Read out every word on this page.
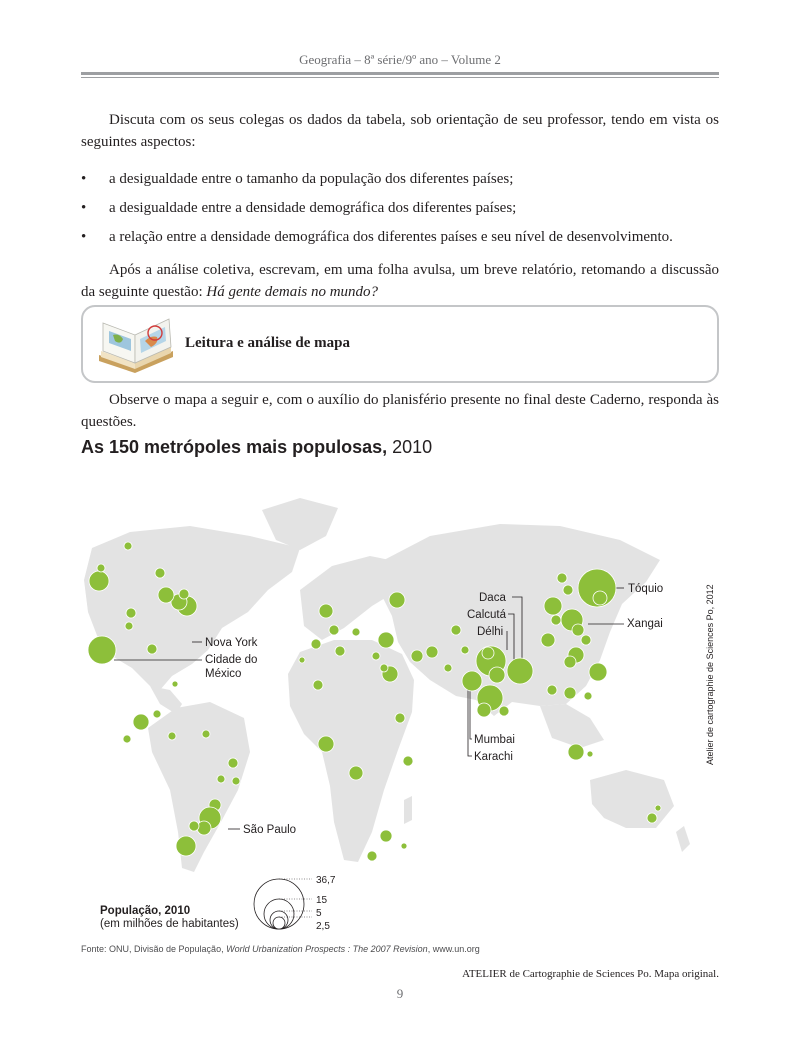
Geografia – 8ª série/9º ano – Volume 2
Discuta com os seus colegas os dados da tabela, sob orientação de seu professor, tendo em vista os seguintes aspectos:
• a desigualdade entre o tamanho da população dos diferentes países;
• a desigualdade entre a densidade demográfica dos diferentes países;
• a relação entre a densidade demográfica dos diferentes países e seu nível de desenvolvimento.
Após a análise coletiva, escrevam, em uma folha avulsa, um breve relatório, retomando a discussão da seguinte questão: Há gente demais no mundo?
Leitura e análise de mapa
Observe o mapa a seguir e, com o auxílio do planisfério presente no final deste Caderno, responda às questões.
As 150 metrópoles mais populosas, 2010
Tóquio
Xangai
Daca
Calcutá
Délhi
Mumbai
Karachi
Nova York
Cidade do
México
São Paulo
36,7
15
5
2,5
Atelier de cartographie de Sciences Po, 2012
População, 2010
(em milhões de habitantes)
Fonte: ONU, Divisão de População, World Urbanization Prospects : The 2007 Revision, www.un.org
ATELIER de Cartographie de Sciences Po. Mapa original.
9
